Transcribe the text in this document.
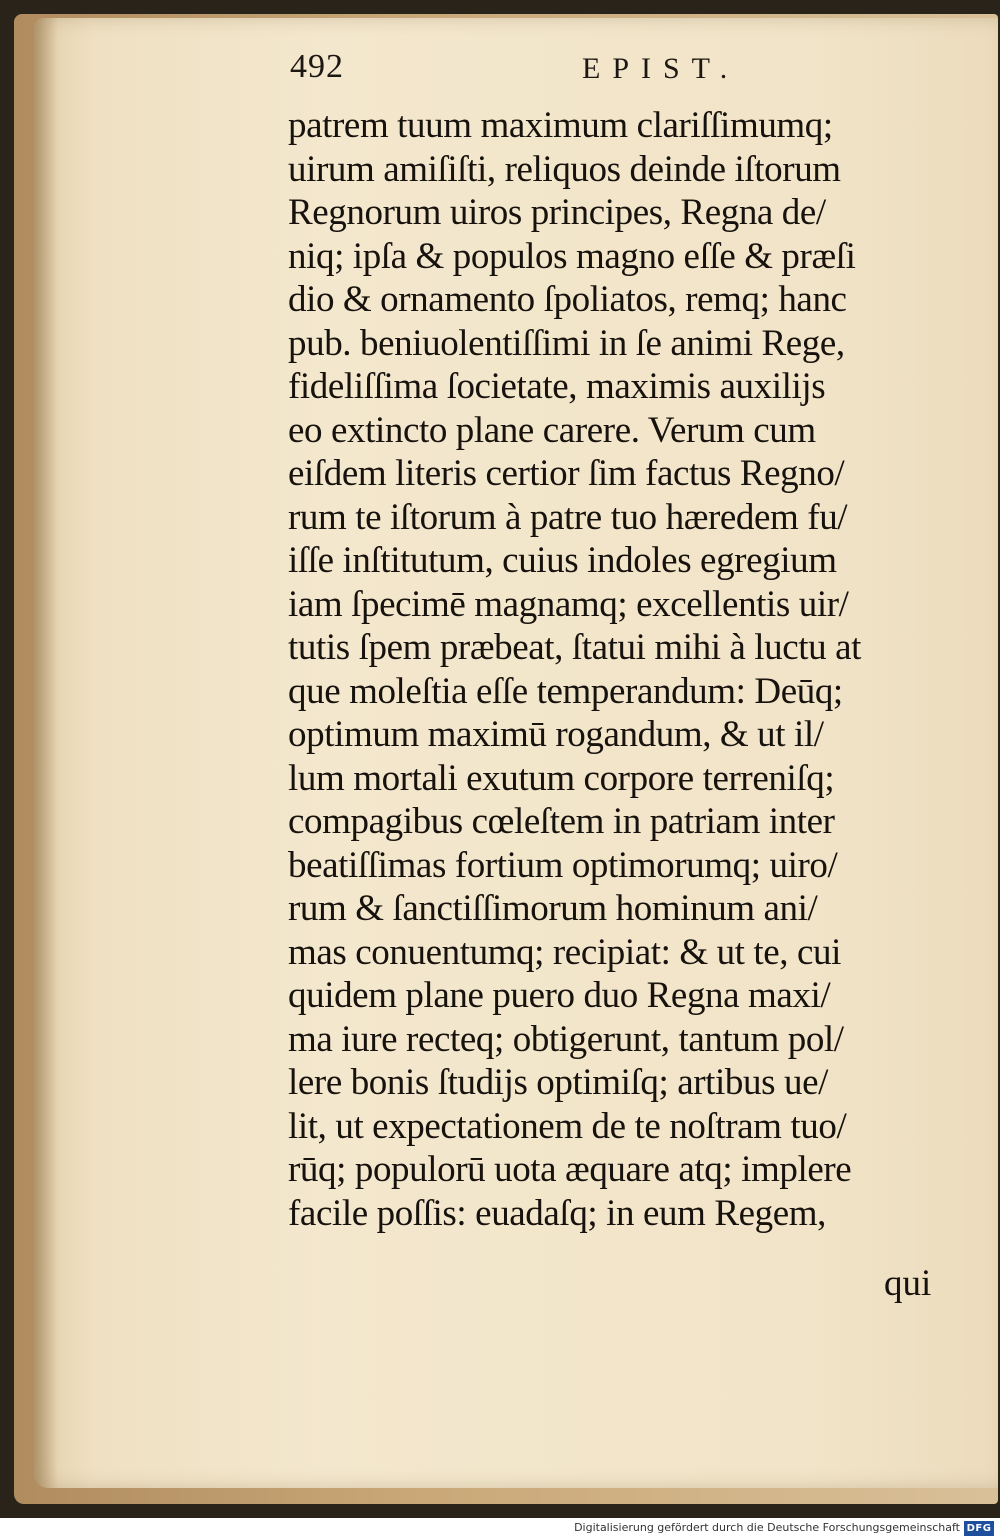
492	EPIST.
patrem tuum maximum clariſſimumq;
uirum amiſiſti, reliquos deinde iſtorum
Regnorum uiros principes, Regna de/
niq; ipſa & populos magno eſſe & præſi
dio & ornamento ſpoliatos, remq; hanc
pub. beniuolentiſſimi in ſe animi Rege,
fideliſſima ſocietate, maximis auxilijs
eo extincto plane carere. Verum cum
eiſdem literis certior ſim factus Regno/
rum te iſtorum à patre tuo hæredem fu/
iſſe inſtitutum, cuius indoles egregium
iam ſpecimē magnamq; excellentis uir/
tutis ſpem præbeat, ſtatui mihi à luctu at
que moleſtia eſſe temperandum: Deūq;
optimum maximū rogandum, & ut il/
lum mortali exutum corpore terreniſq;
compagibus cœleſtem in patriam inter
beatiſſimas fortium optimorumq; uiro/
rum & ſanctiſſimorum hominum ani/
mas conuentumq; recipiat: & ut te, cui
quidem plane puero duo Regna maxi/
ma iure recteq; obtigerunt, tantum pol/
lere bonis ſtudijs optimiſq; artibus ue/
lit, ut expectationem de te noſtram tuo/
rūq; populorū uota æquare atq; implere
facile poſſis: euadaſq; in eum Regem,
qui
Digitalisierung gefördert durch die Deutsche Forschungsgemeinschaft DFG
